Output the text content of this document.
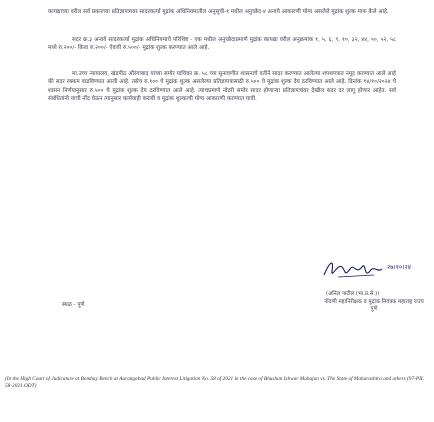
कायद्याच्या वरील सर्व प्रकारच्या प्रतिज्ञापत्रावर सादरकर्त्या मुद्रांक अधिनियमातील अनुसूची-१ मधील अनुच्छेद-४ अन्वये आकारणी योग्य असलेले मुद्रांक शुल्क माफ केले आहे.
सदर क्र.३ अन्वये सादरकर्त्या मुद्रांक अधिनियमाचे परिशिष्ट - एक मधील अनुच्छेदाप्रमाणे मुद्रांक कायद्या वरील अनुक्रमांक १, ५, ६, ९, १०, ३२, ४४, ५०, ५२, ५८ मध्ये रु.२००/- किंवा रु.२००/- ऐवजी रु.५००/- मुद्रांक शुल्क करण्यात आले आहे.
मा.उच्च न्यायालय, खंडपीठ औरंगाबाद यांच्या समोर याचिका क्र. ५८ च्या सुनावणीत शासनाचे वतीने सादर करण्यात आलेल्या शपथपत्रात नमूद करण्यात आले आहे की सदर रक्कम वाढविण्यात आली आहे. तसेच रु.१०० चे मुद्रांक शुल्क असलेल्या प्रतिज्ञापत्रासाठी रु.५०० चे मुद्रांक शुल्क देय ठरविण्यात आले आहे. दिनांक १४/१०/२०२४ चे शासन निर्णयानुसार रु.५०० चे मुद्रांक शुल्क देय ठरविण्यात आले आहे. त्याचप्रमाणे नोटरी समोर सादर होणाऱ्या प्रतिज्ञापत्रांवर देखील सदर दर लागू होणार आहेत. सर्व संबंधितांनी याची नोंद घेऊन त्यानुसार कार्यवाही करावी व मुद्रांक शुल्काची योग्य आकारणी करण्यात यावी.
२७।१०।२४
(अनिल पाटील (भा.प्र.से.))
स्थळ - पुणे	नोंदणी महानिरीक्षक व मुद्रांक नियंत्रक महाराष्ट्र राज्य पुणे
(In the High Court of Judicature at Bombay Bench at Aurangabad Public Interest Litigation No. 58 of 2021 in the case of Bhushan Ishwar Mahajan vs. The State of Maharashtra and others (97-PIL 58-2021.ODT)
